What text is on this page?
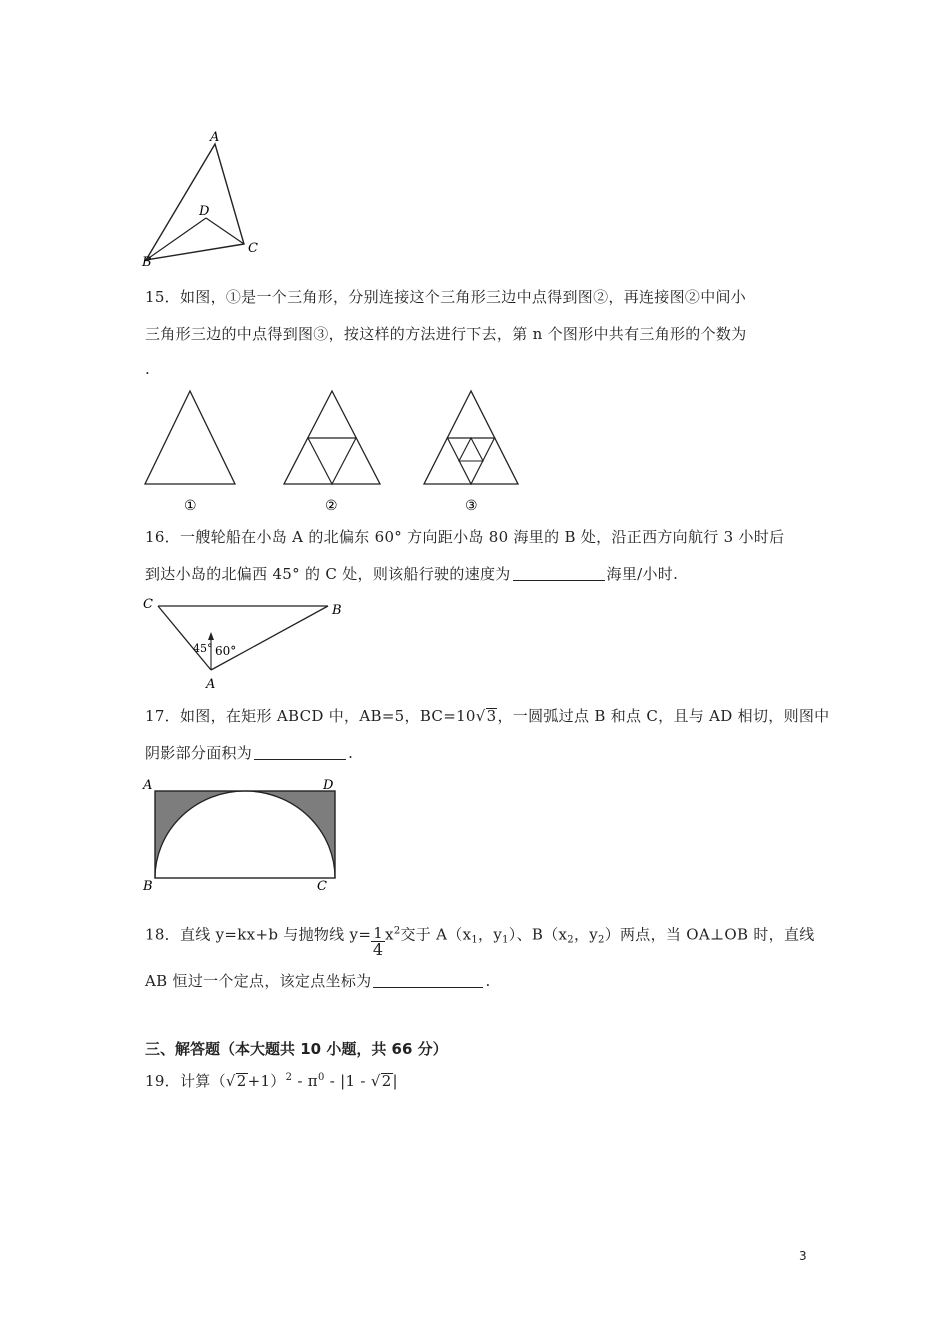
A
D
B
C
15．如图，①是一个三角形，分别连接这个三角形三边中点得到图②，再连接图②中间小
三角形三边的中点得到图③，按这样的方法进行下去，第 n 个图形中共有三角形的个数为
.
①	②	③
16．一艘轮船在小岛 A 的北偏东 60° 方向距小岛 80 海里的 B 处，沿正西方向航行 3 小时后
到达小岛的北偏西 45° 的 C 处，则该船行驶的速度为	海里/小时.
C	B
A
45° 60°
17．如图，在矩形 ABCD 中，AB=5，BC=10√3，一圆弧过点 B 和点 C，且与 AD 相切，则图中
阴影部分面积为	.
A	D
B	C
18．直线 y=kx+b 与抛物线 $y= \frac{1}{4} x^2$交于 $A(x_1$，$y_1$）、$B(x_2$，$y_2$）两点，当 OA⊥OB 时，直线
AB 恒过一个定点，该定点坐标为	.
三、解答题（本大题共 10 小题，共 66 分）
19．计算$(√2+1)^2 - \pi^0 - |1 - √2|$
3
